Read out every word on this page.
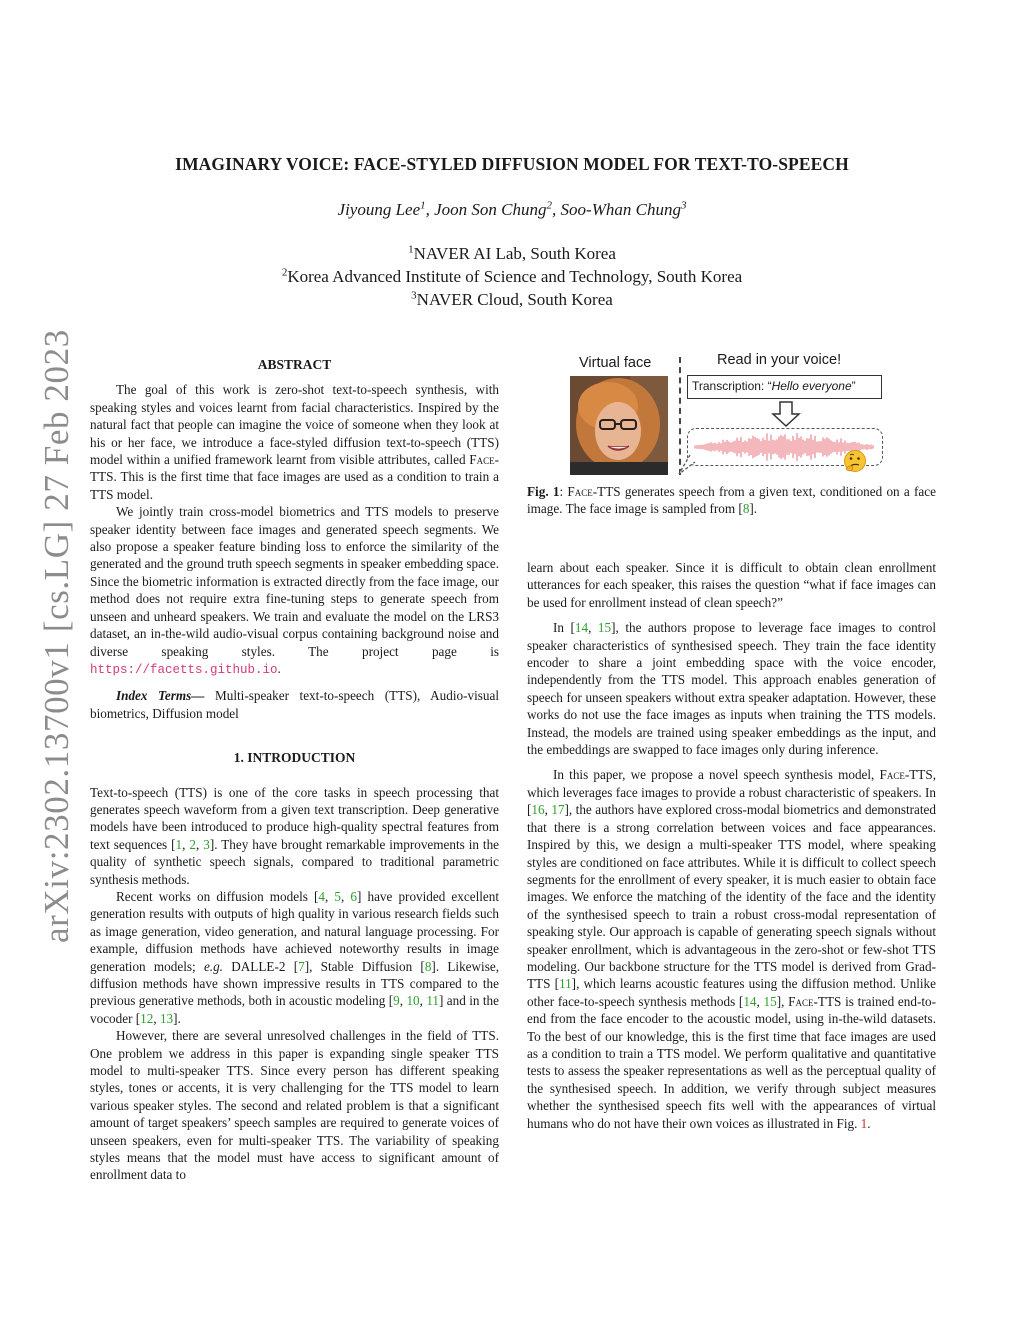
arXiv:2302.13700v1 [cs.LG] 27 Feb 2023
IMAGINARY VOICE: FACE-STYLED DIFFUSION MODEL FOR TEXT-TO-SPEECH
Jiyoung Lee$^1$, Joon Son Chung$^2$, Soo-Whan Chung$^3$
$^1$NAVER AI Lab, South Korea
$^2$Korea Advanced Institute of Science and Technology, South Korea
$^3$NAVER Cloud, South Korea
ABSTRACT

The goal of this work is zero-shot text-to-speech synthesis, with speaking styles and voices learnt from facial characteristics. Inspired by the natural fact that people can imagine the voice of someone when they look at his or her face, we introduce a face-styled diffusion text-to-speech (TTS) model within a unified framework learnt from visible attributes, called Face-TTS. This is the first time that face images are used as a condition to train a TTS model.

We jointly train cross-model biometrics and TTS models to preserve speaker identity between face images and generated speech segments. We also propose a speaker feature binding loss to enforce the similarity of the generated and the ground truth speech segments in speaker embedding space. Since the biometric information is extracted directly from the face image, our method does not require extra fine-tuning steps to generate speech from unseen and unheard speakers. We train and evaluate the model on the LRS3 dataset, an in-the-wild audio-visual corpus containing background noise and diverse speaking styles. The project page is https://facetts.github.io.

Index Terms— Multi-speaker text-to-speech (TTS), Audio-visual biometrics, Diffusion model

1. INTRODUCTION

Text-to-speech (TTS) is one of the core tasks in speech processing that generates speech waveform from a given text transcription. Deep generative models have been introduced to produce high-quality spectral features from text sequences [1, 2, 3]. They have brought remarkable improvements in the quality of synthetic speech signals, compared to traditional parametric synthesis methods.

Recent works on diffusion models [4, 5, 6] have provided excellent generation results with outputs of high quality in various research fields such as image generation, video generation, and natural language processing. For example, diffusion methods have achieved noteworthy results in image generation models; e.g. DALLE-2 [7], Stable Diffusion [8]. Likewise, diffusion methods have shown impressive results in TTS compared to the previous generative methods, both in acoustic modeling [9, 10, 11] and in the vocoder [12, 13].

However, there are several unresolved challenges in the field of TTS. One problem we address in this paper is expanding single speaker TTS model to multi-speaker TTS. Since every person has different speaking styles, tones or accents, it is very challenging for the TTS model to learn various speaker styles. The second and related problem is that a significant amount of target speakers’ speech samples are required to generate voices of unseen speakers, even for multi-speaker TTS. The variability of speaking styles means that the model must have access to significant amount of enrollment data to

Virtual face	Read in your voice!
Transcription: “Hello everyone”
Fig. 1: Face-TTS generates speech from a given text, conditioned on a face image. The face image is sampled from [8].

learn about each speaker. Since it is difficult to obtain clean enrollment utterances for each speaker, this raises the question “what if face images can be used for enrollment instead of clean speech?”

In [14, 15], the authors propose to leverage face images to control speaker characteristics of synthesised speech. They train the face identity encoder to share a joint embedding space with the voice encoder, independently from the TTS model. This approach enables generation of speech for unseen speakers without extra speaker adaptation. However, these works do not use the face images as inputs when training the TTS models. Instead, the models are trained using speaker embeddings as the input, and the embeddings are swapped to face images only during inference.

In this paper, we propose a novel speech synthesis model, Face-TTS, which leverages face images to provide a robust characteristic of speakers. In [16, 17], the authors have explored cross-modal biometrics and demonstrated that there is a strong correlation between voices and face appearances. Inspired by this, we design a multi-speaker TTS model, where speaking styles are conditioned on face attributes. While it is difficult to collect speech segments for the enrollment of every speaker, it is much easier to obtain face images. We enforce the matching of the identity of the face and the identity of the synthesised speech to train a robust cross-modal representation of speaking style. Our approach is capable of generating speech signals without speaker enrollment, which is advantageous in the zero-shot or few-shot TTS modeling. Our backbone structure for the TTS model is derived from Grad-TTS [11], which learns acoustic features using the diffusion method. Unlike other face-to-speech synthesis methods [14, 15], Face-TTS is trained end-to-end from the face encoder to the acoustic model, using in-the-wild datasets. To the best of our knowledge, this is the first time that face images are used as a condition to train a TTS model. We perform qualitative and quantitative tests to assess the speaker representations as well as the perceptual quality of the synthesised speech. In addition, we verify through subject measures whether the synthesised speech fits well with the appearances of virtual humans who do not have their own voices as illustrated in Fig. 1.
